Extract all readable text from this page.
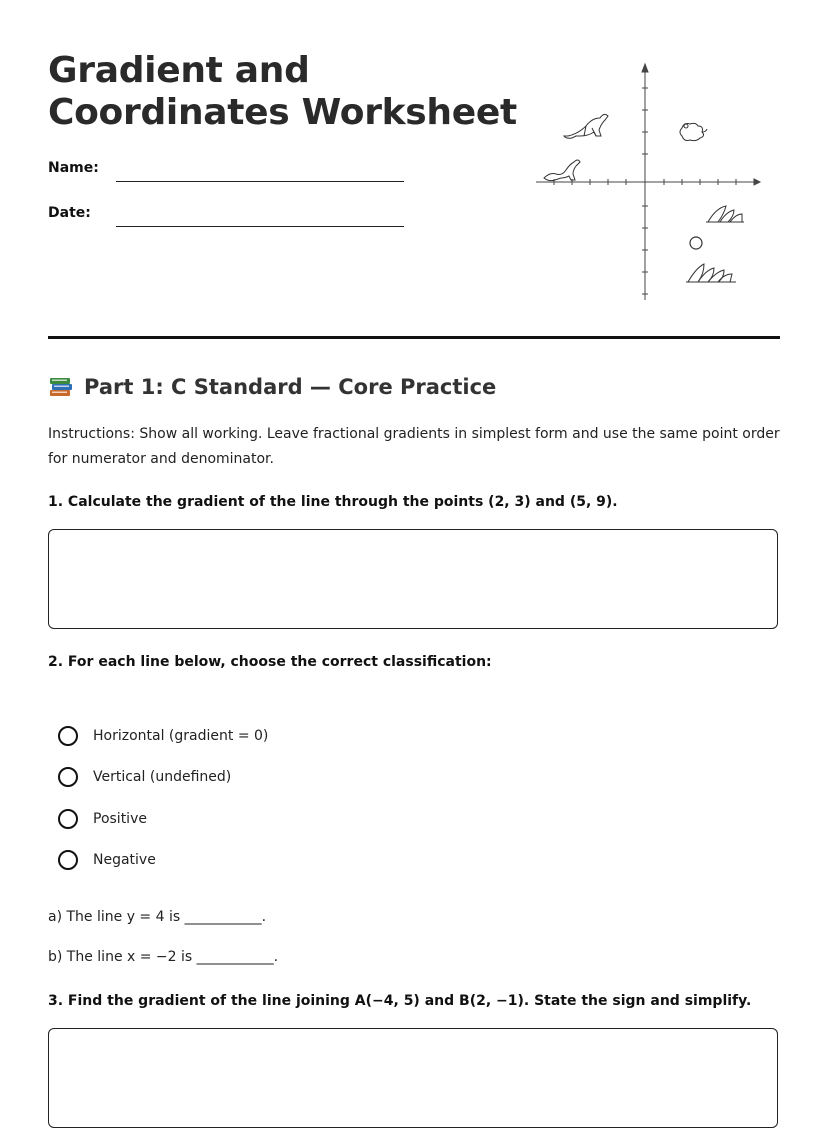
Gradient and
Coordinates Worksheet
Name:
Date:
Part 1: C Standard — Core Practice

Instructions: Show all working. Leave fractional gradients in simplest form and use the same point order for numerator and denominator.

1. Calculate the gradient of the line through the points (2, 3) and (5, 9).

2. For each line below, choose the correct classification:

Horizontal (gradient = 0)
Vertical (undefined)
Positive
Negative

a) The line y = 4 is ___________.

b) The line x = −2 is ___________.

3. Find the gradient of the line joining A(−4, 5) and B(2, −1). State the sign and simplify.
